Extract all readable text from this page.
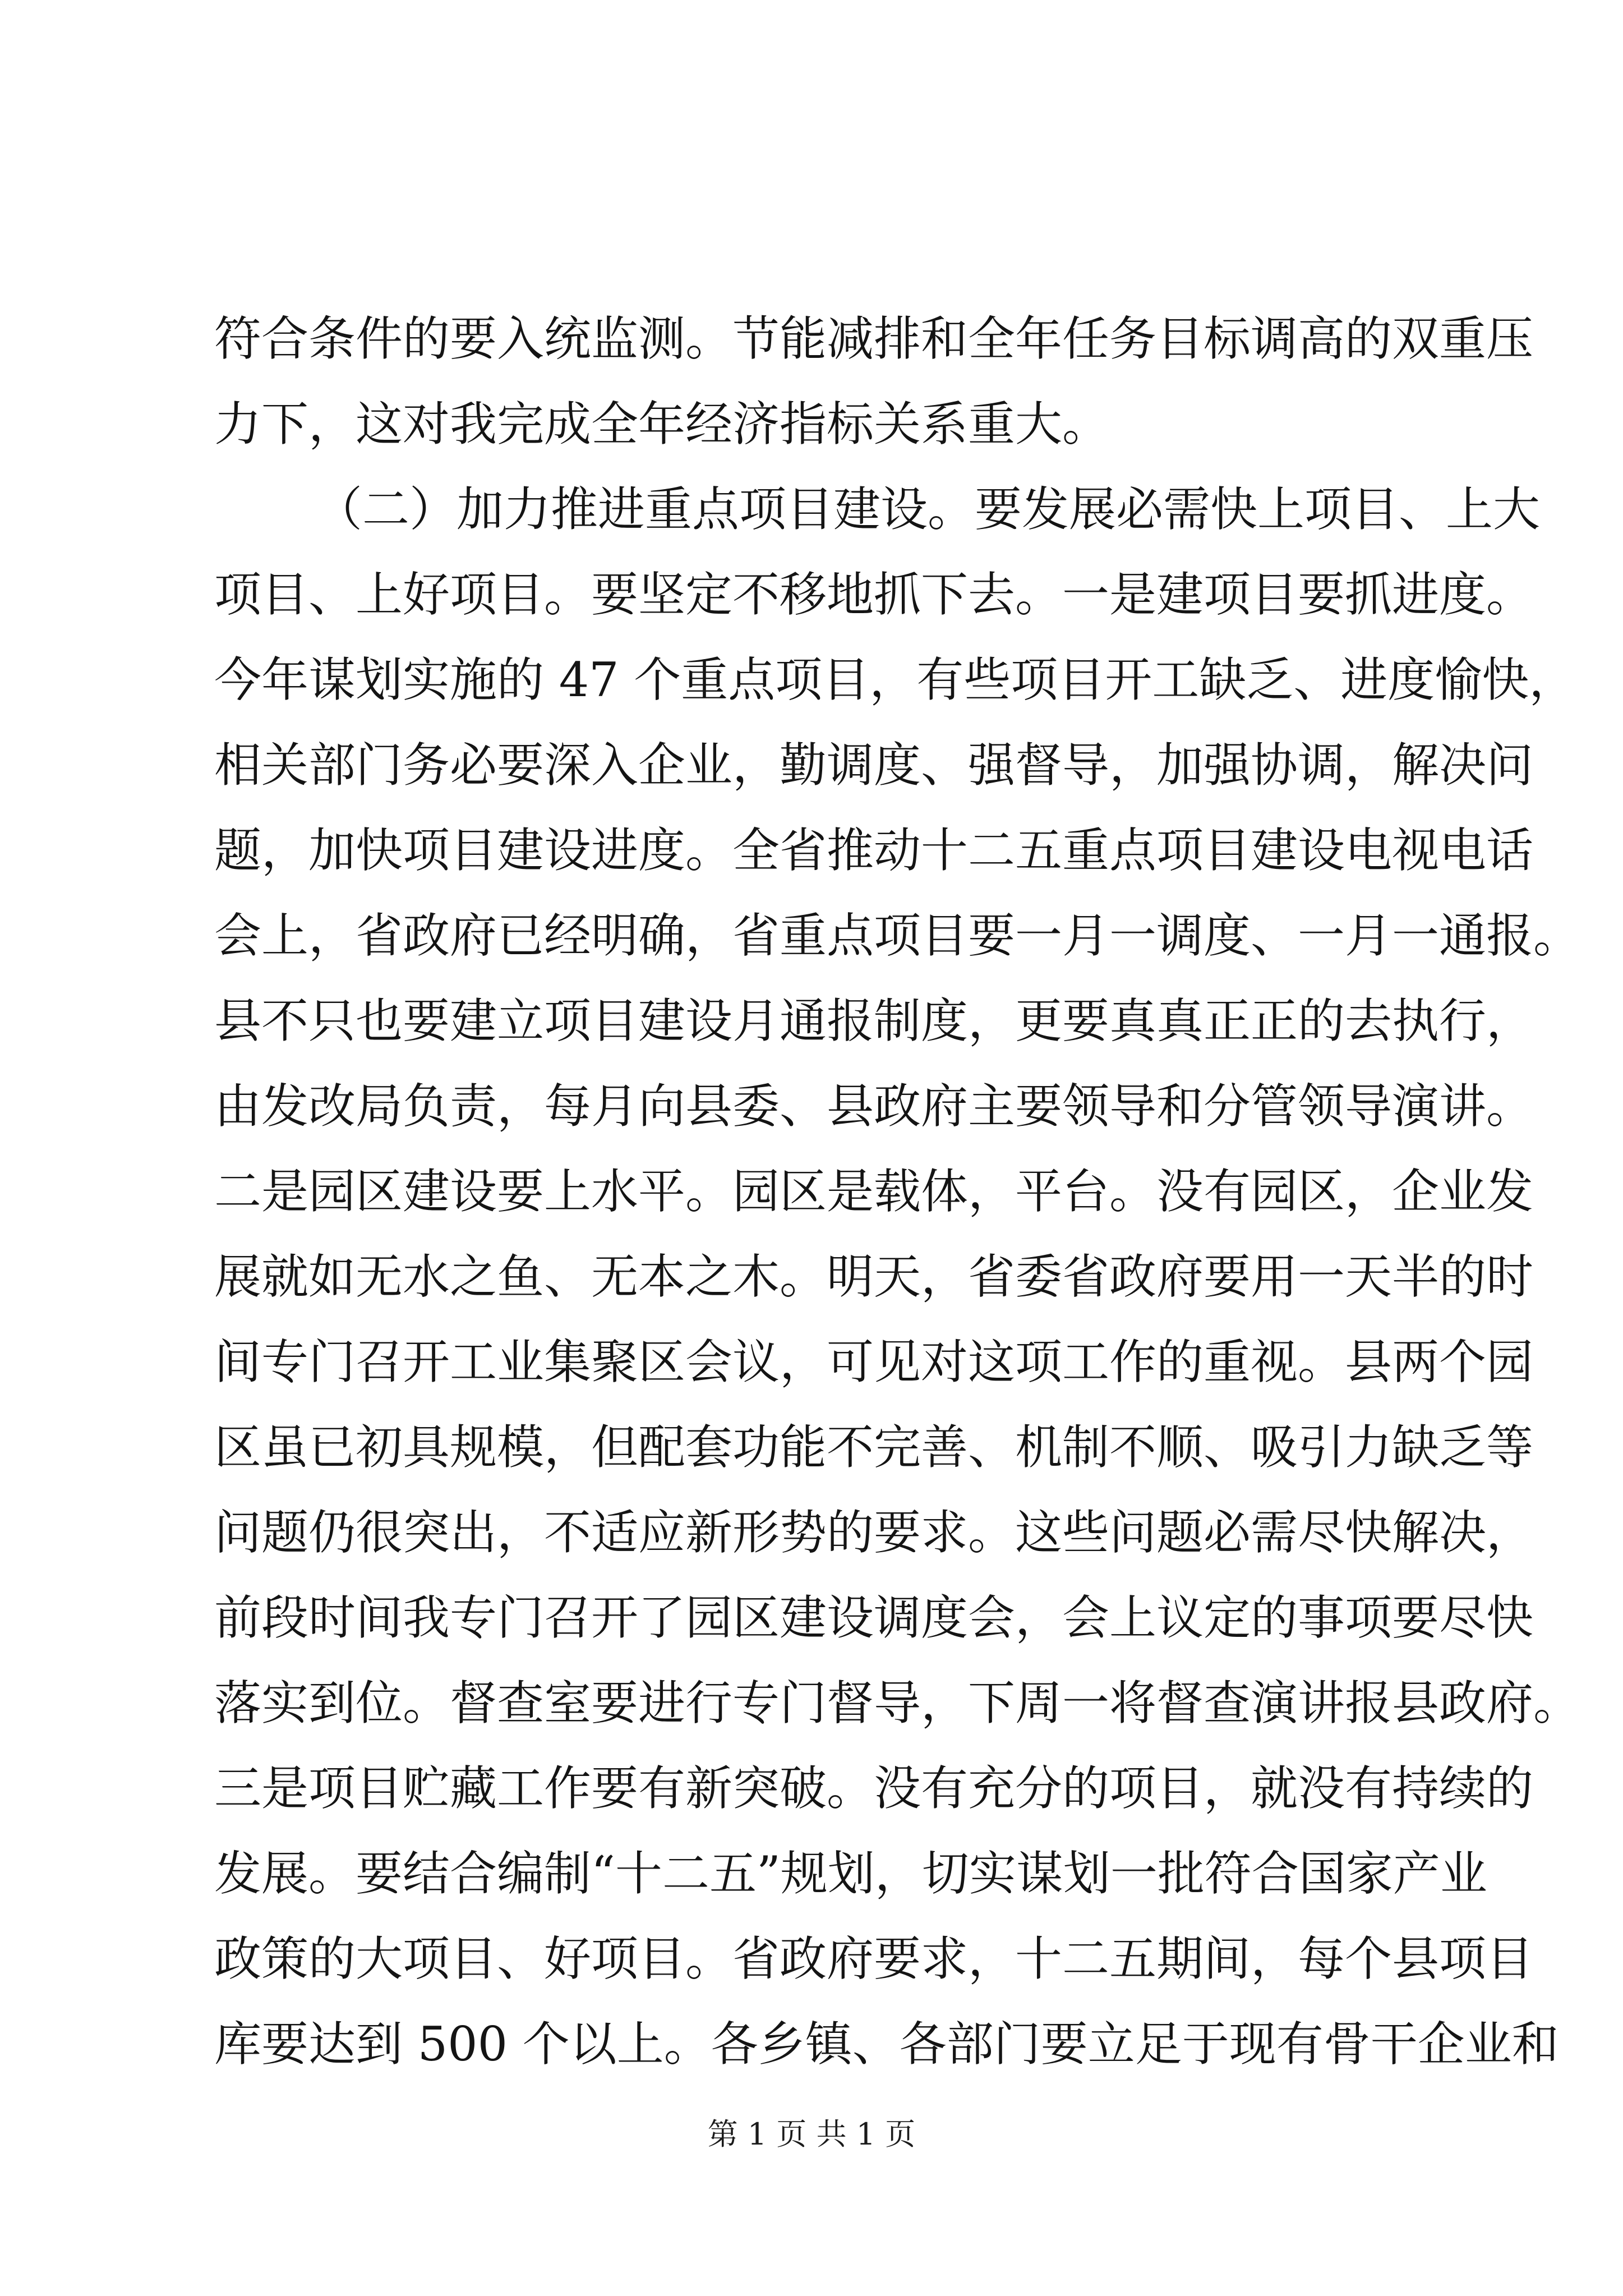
符合条件的要入统监测。节能减排和全年任务目标调高的双重压
力下，这对我完成全年经济指标关系重大。
（二）加力推进重点项目建设。要发展必需快上项目、上大
项目、上好项目。要坚定不移地抓下去。一是建项目要抓进度。
今年谋划实施的 47 个重点项目，有些项目开工缺乏、进度愉快，
相关部门务必要深入企业，勤调度、强督导，加强协调，解决问
题，加快项目建设进度。全省推动十二五重点项目建设电视电话
会上，省政府已经明确，省重点项目要一月一调度、一月一通报。
县不只也要建立项目建设月通报制度，更要真真正正的去执行，
由发改局负责，每月向县委、县政府主要领导和分管领导演讲。
二是园区建设要上水平。园区是载体，平台。没有园区，企业发
展就如无水之鱼、无本之木。明天，省委省政府要用一天半的时
间专门召开工业集聚区会议，可见对这项工作的重视。县两个园
区虽已初具规模，但配套功能不完善、机制不顺、吸引力缺乏等
问题仍很突出，不适应新形势的要求。这些问题必需尽快解决，
前段时间我专门召开了园区建设调度会，会上议定的事项要尽快
落实到位。督查室要进行专门督导，下周一将督查演讲报县政府。
三是项目贮藏工作要有新突破。没有充分的项目，就没有持续的
发展。要结合编制“十二五”规划，切实谋划一批符合国家产业
政策的大项目、好项目。省政府要求，十二五期间，每个县项目
库要达到 500 个以上。各乡镇、各部门要立足于现有骨干企业和
第 1 页 共 1 页
